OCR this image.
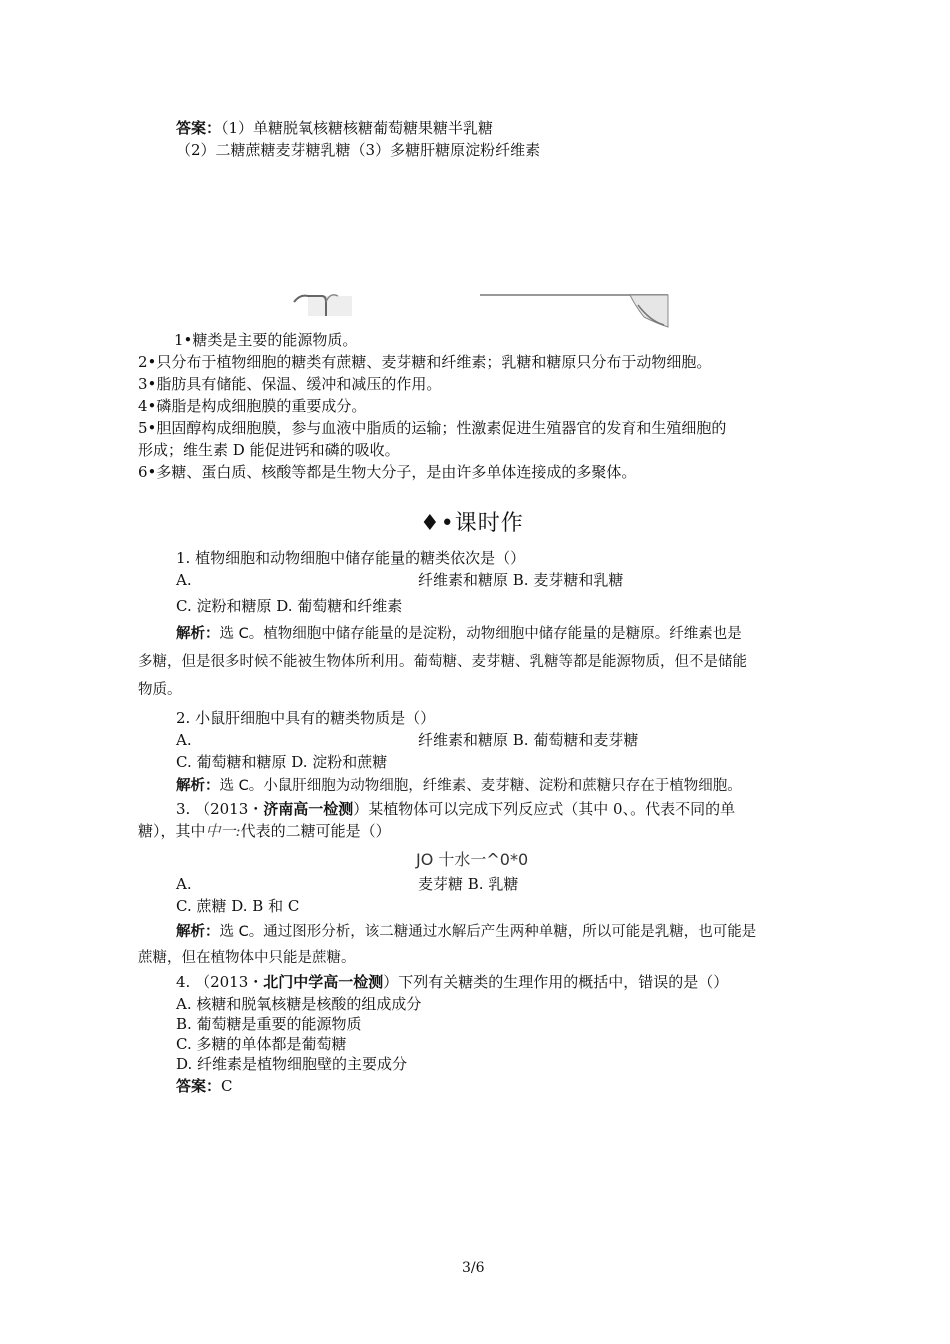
答案：（1）单糖脱氧核糖核糖葡萄糖果糖半乳糖
（2）二糖蔗糖麦芽糖乳糖（3）多糖肝糖原淀粉纤维素
1•糖类是主要的能源物质。
2•只分布于植物细胞的糖类有蔗糖、麦芽糖和纤维素；乳糖和糖原只分布于动物细胞。
3•脂肪具有储能、保温、缓冲和减压的作用。
4•磷脂是构成细胞膜的重要成分。
5•胆固醇构成细胞膜，参与血液中脂质的运输；性激素促进生殖器官的发育和生殖细胞的
形成；维生素 D 能促进钙和磷的吸收。
6•多糖、蛋白质、核酸等都是生物大分子，是由许多单体连接成的多聚体。
♦•课时作
1. 植物细胞和动物细胞中储存能量的糖类依次是（）
A.	纤维素和糖原 B. 麦芽糖和乳糖
C. 淀粉和糖原 D. 葡萄糖和纤维素
解析：选 C。植物细胞中储存能量的是淀粉，动物细胞中储存能量的是糖原。纤维素也是
多糖，但是很多时候不能被生物体所利用。葡萄糖、麦芽糖、乳糖等都是能源物质，但不是储能
物质。
2. 小鼠肝细胞中具有的糖类物质是（）
A.	纤维素和糖原 B. 葡萄糖和麦芽糖
C. 葡萄糖和糖原 D. 淀粉和蔗糖
解析：选 C。小鼠肝细胞为动物细胞，纤维素、麦芽糖、淀粉和蔗糖只存在于植物细胞。
3. （2013・济南高一检测）某植物体可以完成下列反应式（其中 0、。代表不同的单
糖），其中中一:代表的二糖可能是（）
JO 十水一^0*0
A.	麦芽糖 B. 乳糖
C. 蔗糖 D. B 和 C
解析：选 C。通过图形分析，该二糖通过水解后产生两种单糖，所以可能是乳糖，也可能是
蔗糖，但在植物体中只能是蔗糖。
4. （2013・北门中学高一检测）下列有关糖类的生理作用的概括中，错误的是（）
A. 核糖和脱氧核糖是核酸的组成成分
B. 葡萄糖是重要的能源物质
C. 多糖的单体都是葡萄糖
D. 纤维素是植物细胞壁的主要成分
答案：C
3/6
